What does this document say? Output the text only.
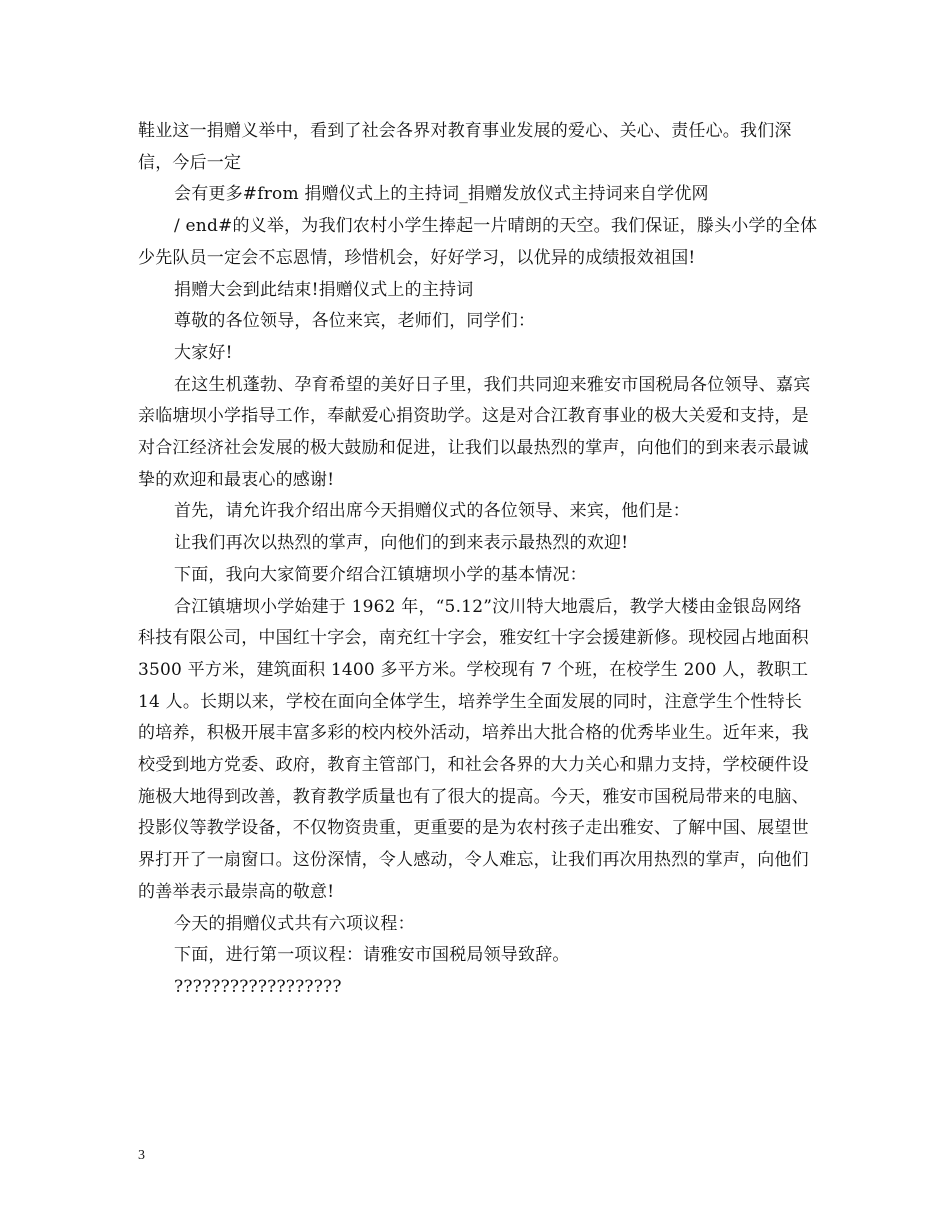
鞋业这一捐赠义举中，看到了社会各界对教育事业发展的爱心、关心、责任心。我们深信，今后一定

会有更多#from 捐赠仪式上的主持词_捐赠发放仪式主持词来自学优网

/ end#的义举，为我们农村小学生捧起一片晴朗的天空。我们保证，滕头小学的全体少先队员一定会不忘恩情，珍惜机会，好好学习，以优异的成绩报效祖国!

捐赠大会到此结束!捐赠仪式上的主持词

尊敬的各位领导，各位来宾，老师们，同学们：

大家好!

在这生机蓬勃、孕育希望的美好日子里，我们共同迎来雅安市国税局各位领导、嘉宾亲临塘坝小学指导工作，奉献爱心捐资助学。这是对合江教育事业的极大关爱和支持，是对合江经济社会发展的极大鼓励和促进，让我们以最热烈的掌声，向他们的到来表示最诚挚的欢迎和最衷心的感谢!

首先，请允许我介绍出席今天捐赠仪式的各位领导、来宾，他们是：

让我们再次以热烈的掌声，向他们的到来表示最热烈的欢迎!

下面，我向大家简要介绍合江镇塘坝小学的基本情况：

合江镇塘坝小学始建于 1962 年，“5.12”汶川特大地震后，教学大楼由金银岛网络科技有限公司，中国红十字会，南充红十字会，雅安红十字会援建新修。现校园占地面积 3500 平方米，建筑面积 1400 多平方米。学校现有 7 个班，在校学生 200 人，教职工 14 人。长期以来，学校在面向全体学生，培养学生全面发展的同时，注意学生个性特长的培养，积极开展丰富多彩的校内校外活动，培养出大批合格的优秀毕业生。近年来，我校受到地方党委、政府，教育主管部门，和社会各界的大力关心和鼎力支持，学校硬件设施极大地得到改善，教育教学质量也有了很大的提高。今天，雅安市国税局带来的电脑、投影仪等教学设备，不仅物资贵重，更重要的是为农村孩子走出雅安、了解中国、展望世界打开了一扇窗口。这份深情，令人感动，令人难忘，让我们再次用热烈的掌声，向他们的善举表示最崇高的敬意!

今天的捐赠仪式共有六项议程：

下面，进行第一项议程：请雅安市国税局领导致辞。

??????????????????

3
